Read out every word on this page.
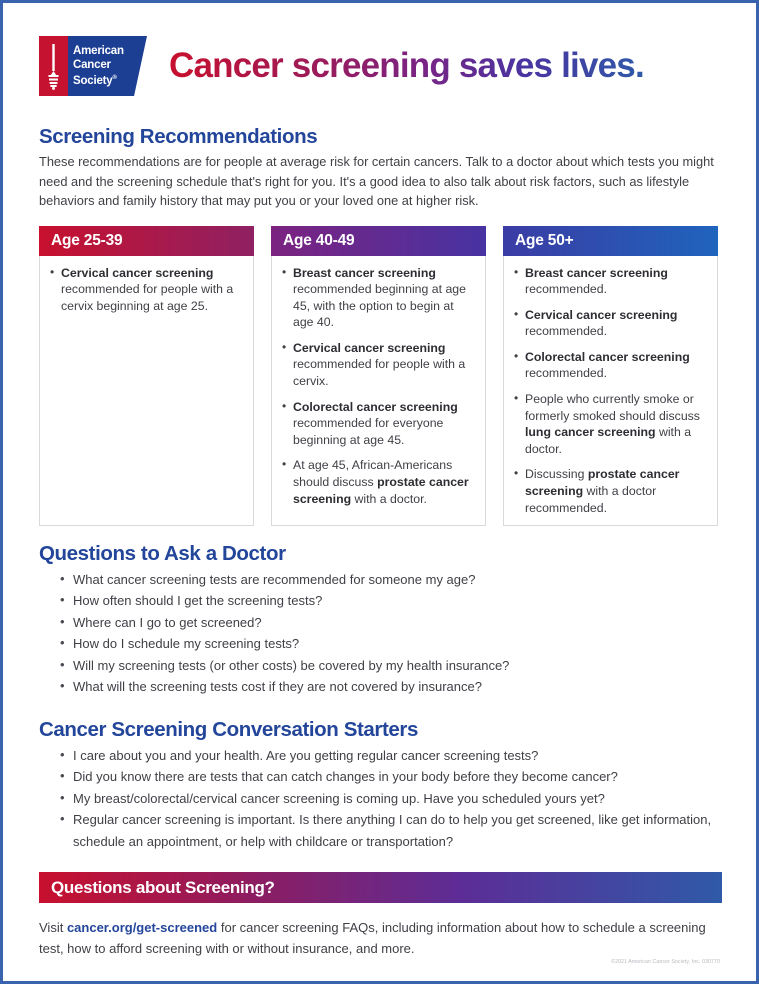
American
Cancer
Society® Cancer screening saves lives.
Screening Recommendations

These recommendations are for people at average risk for certain cancers. Talk to a doctor about which tests you might need and the screening schedule that's right for you. It's a good idea to also talk about risk factors, such as lifestyle behaviors and family history that may put you or your loved one at higher risk.

Age 25-39
• Cervical cancer screening recommended for people with a cervix beginning at age 25.
Age 40-49
• Breast cancer screening recommended beginning at age 45, with the option to begin at age 40.
• Cervical cancer screening recommended for people with a cervix.
• Colorectal cancer screening recommended for everyone beginning at age 45.
• At age 45, African-Americans should discuss prostate cancer screening with a doctor.
Age 50+
• Breast cancer screening recommended.
• Cervical cancer screening recommended.
• Colorectal cancer screening recommended.
• People who currently smoke or formerly smoked should discuss lung cancer screening with a doctor.
• Discussing prostate cancer screening with a doctor recommended.
Questions to Ask a Doctor
• What cancer screening tests are recommended for someone my age?
• How often should I get the screening tests?
• Where can I go to get screened?
• How do I schedule my screening tests?
• Will my screening tests (or other costs) be covered by my health insurance?
• What will the screening tests cost if they are not covered by insurance?
Cancer Screening Conversation Starters
• I care about you and your health. Are you getting regular cancer screening tests?
• Did you know there are tests that can catch changes in your body before they become cancer?
• My breast/colorectal/cervical cancer screening is coming up. Have you scheduled yours yet?
• Regular cancer screening is important. Is there anything I can do to help you get screened, like get information, schedule an appointment, or help with childcare or transportation?
Questions about Screening?

Visit cancer.org/get-screened for cancer screening FAQs, including information about how to schedule a screening test, how to afford screening with or without insurance, and more.

©2021 American Cancer Society, Inc. 030770
